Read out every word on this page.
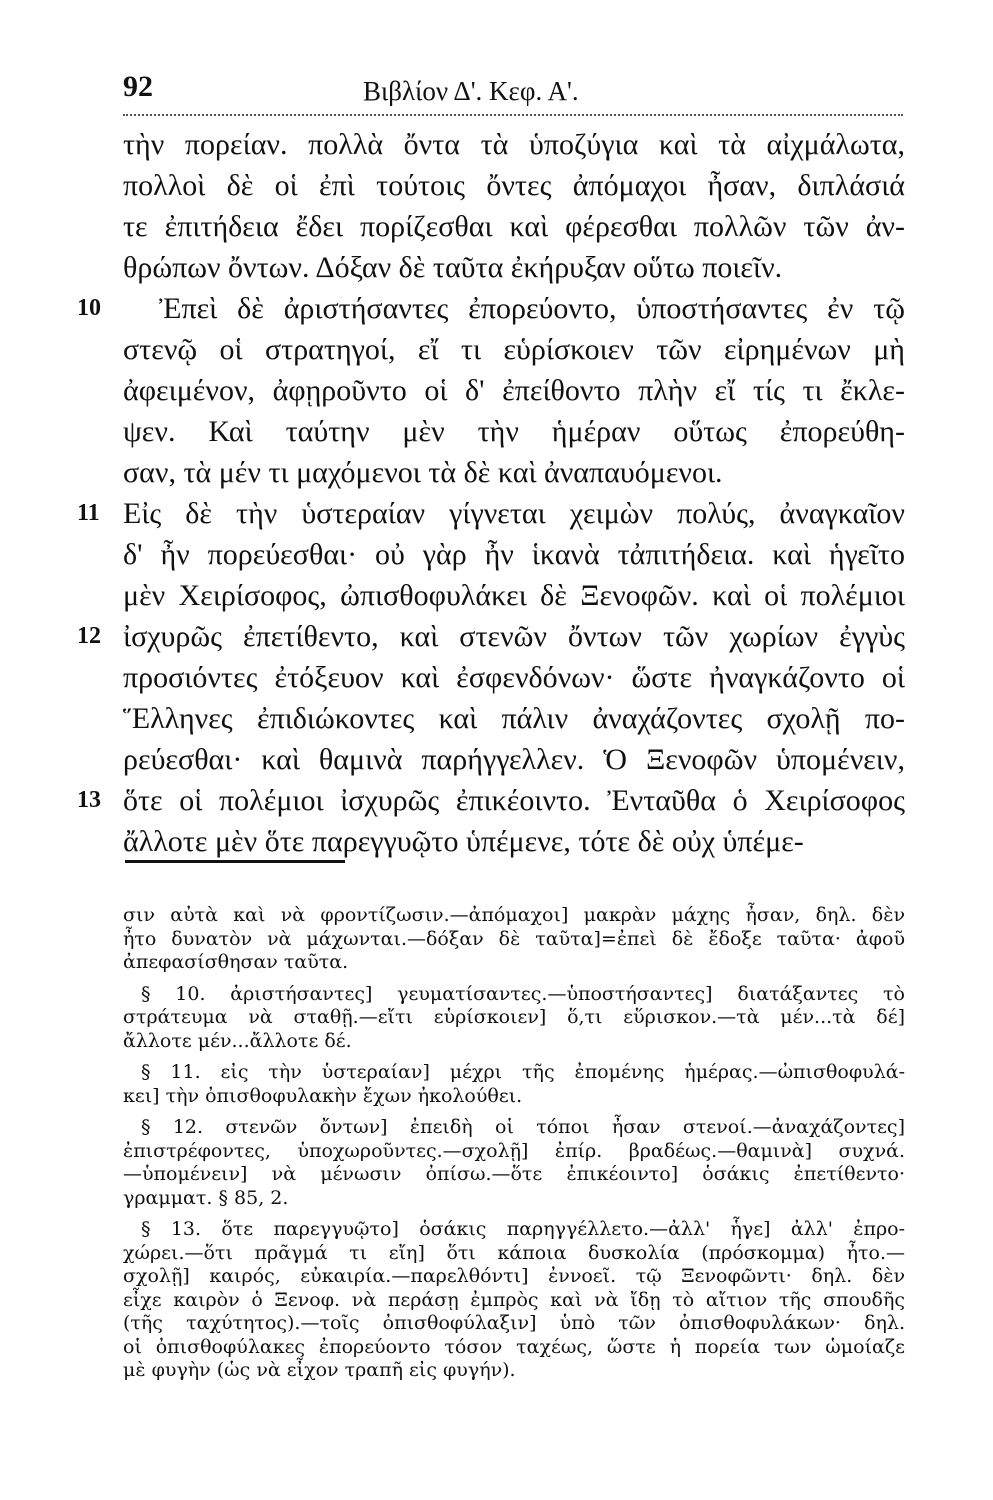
92	Βιβλίον Δ'. Κεφ. Α'.
τὴν πορείαν. πολλὰ ὄντα τὰ ὑποζύγια καὶ τὰ αἰχμάλωτα,
πολλοὶ δὲ οἱ ἐπὶ τούτοις ὄντες ἀπόμαχοι ἦσαν, διπλάσιά
τε ἐπιτήδεια ἔδει πορίζεσθαι καὶ φέρεσθαι πολλῶν τῶν ἀν-
θρώπων ὄντων. Δόξαν δὲ ταῦτα ἐκήρυξαν οὕτω ποιεῖν.
10	Ἐπεὶ δὲ ἀριστήσαντες ἐπορεύοντο, ὑποστήσαντες ἐν τῷ
στενῷ οἱ στρατηγοί, εἴ τι εὑρίσκοιεν τῶν εἰρημένων μὴ
ἀφειμένον, ἀφῃροῦντο οἱ δ' ἐπείθοντο πλὴν εἴ τίς τι ἔκλε-
ψεν. Καὶ ταύτην μὲν τὴν ἡμέραν οὕτως ἐπορεύθη-
σαν, τὰ μέν τι μαχόμενοι τὰ δὲ καὶ ἀναπαυόμενοι.
11 Εἰς δὲ τὴν ὑστεραίαν γίγνεται χειμὼν πολύς, ἀναγκαῖον
δ' ἦν πορεύεσθαι· οὐ γὰρ ἦν ἱκανὰ τἀπιτήδεια. καὶ ἡγεῖτο
μὲν Χειρίσοφος, ὠπισθοφυλάκει δὲ Ξενοφῶν. καὶ οἱ πολέμιοι
12 ἰσχυρῶς ἐπετίθεντο, καὶ στενῶν ὄντων τῶν χωρίων ἐγγὺς
προσιόντες ἐτόξευον καὶ ἐσφενδόνων· ὥστε ἠναγκάζοντο οἱ
Ἕλληνες ἐπιδιώκοντες καὶ πάλιν ἀναχάζοντες σχολῇ πο-
ρεύεσθαι· καὶ θαμινὰ παρήγγελλεν. Ὁ Ξενοφῶν ὑπομένειν,
13 ὅτε οἱ πολέμιοι ἰσχυρῶς ἐπικέοιντο. Ἐνταῦθα ὁ Χειρίσοφος
ἄλλοτε μὲν ὅτε παρεγγυῷτο ὑπέμενε, τότε δὲ οὐχ ὑπέμε-
σιν αὐτὰ καὶ νὰ φροντίζωσιν.—ἀπόμαχοι] μακρὰν μάχης ἦσαν, δηλ. δὲν
ἦτο δυνατὸν νὰ μάχωνται.—δόξαν δὲ ταῦτα]=ἐπεὶ δὲ ἔδοξε ταῦτα· ἀφοῦ
ἀπεφασίσθησαν ταῦτα.
§ 10. ἀριστήσαντες] γευματίσαντες.—ὑποστήσαντες] διατάξαντες τὸ
στράτευμα νὰ σταθῇ.—εἴτι εὑρίσκοιεν] ὅ,τι εὕρισκον.—τὰ μέν...τὰ δέ]
ἄλλοτε μέν...ἄλλοτε δέ.
§ 11. εἰς τὴν ὑστεραίαν] μέχρι τῆς ἐπομένης ἡμέρας.—ὠπισθοφυλά-
κει] τὴν ὀπισθοφυλακὴν ἔχων ἠκολούθει.
§ 12. στενῶν ὄντων] ἐπειδὴ οἱ τόποι ἦσαν στενοί.—ἀναχάζοντες]
ἐπιστρέφοντες, ὑποχωροῦντες.—σχολῇ] ἐπίρ. βραδέως.—θαμινὰ] συχνά.
—ὑπομένειν] νὰ μένωσιν ὀπίσω.—ὅτε ἐπικέοιντο] ὁσάκις ἐπετίθεντο·
γραμματ. § 85, 2.
§ 13. ὅτε παρεγγυῷτο] ὁσάκις παρηγγέλλετο.—ἀλλ' ἧγε] ἀλλ' ἐπρο-
χώρει.—ὅτι πρᾶγμά τι εἴη] ὅτι κάποια δυσκολία (πρόσκομμα) ἦτο.—
σχολῇ] καιρός, εὐκαιρία.—παρελθόντι] ἐννοεῖ. τῷ Ξενοφῶντι· δηλ. δὲν
εἶχε καιρὸν ὁ Ξενοφ. νὰ περάσῃ ἐμπρὸς καὶ νὰ ἴδῃ τὸ αἴτιον τῆς σπουδῆς
(τῆς ταχύτητος).—τοῖς ὀπισθοφύλαξιν] ὑπὸ τῶν ὀπισθοφυλάκων· δηλ.
οἱ ὀπισθοφύλακες ἐπορεύοντο τόσον ταχέως, ὥστε ἡ πορεία των ὡμοίαζε
μὲ φυγὴν (ὡς νὰ εἶχον τραπῆ εἰς φυγήν).
